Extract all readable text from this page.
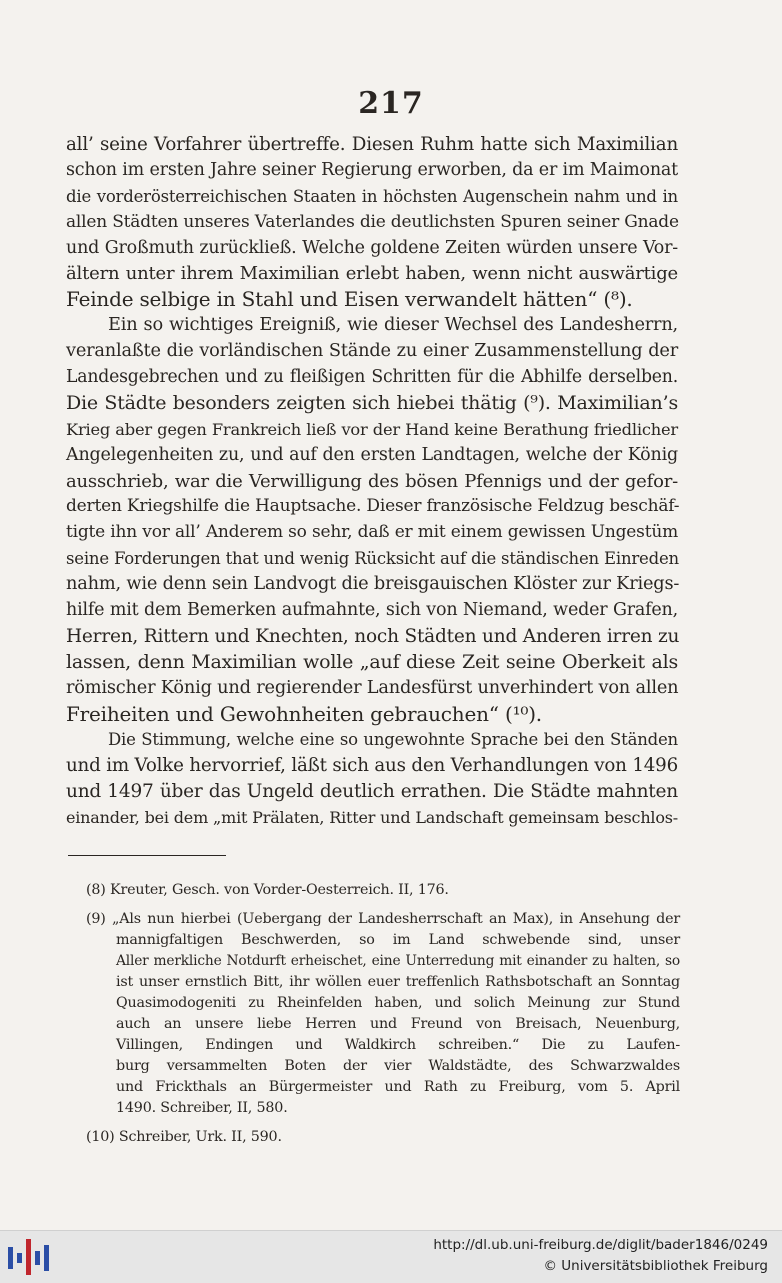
217
all’ seine Vorfahrer übertreffe. Diesen Ruhm hatte sich Maximilian
schon im ersten Jahre seiner Regierung erworben, da er im Maimonat
die vorderösterreichischen Staaten in höchsten Augenschein nahm und in
allen Städten unseres Vaterlandes die deutlichsten Spuren seiner Gnade
und Großmuth zurückließ. Welche goldene Zeiten würden unsere Vor-
ältern unter ihrem Maximilian erlebt haben, wenn nicht auswärtige
Feinde selbige in Stahl und Eisen verwandelt hätten“ (⁸).
Ein so wichtiges Ereigniß, wie dieser Wechsel des Landesherrn,
veranlaßte die vorländischen Stände zu einer Zusammenstellung der
Landesgebrechen und zu fleißigen Schritten für die Abhilfe derselben.
Die Städte besonders zeigten sich hiebei thätig (⁹). Maximilian’s
Krieg aber gegen Frankreich ließ vor der Hand keine Berathung friedlicher
Angelegenheiten zu, und auf den ersten Landtagen, welche der König
ausschrieb, war die Verwilligung des bösen Pfennigs und der gefor-
derten Kriegshilfe die Hauptsache. Dieser französische Feldzug beschäf-
tigte ihn vor all’ Anderem so sehr, daß er mit einem gewissen Ungestüm
seine Forderungen that und wenig Rücksicht auf die ständischen Einreden
nahm, wie denn sein Landvogt die breisgauischen Klöster zur Kriegs-
hilfe mit dem Bemerken aufmahnte, sich von Niemand, weder Grafen,
Herren, Rittern und Knechten, noch Städten und Anderen irren zu
lassen, denn Maximilian wolle „auf diese Zeit seine Oberkeit als
römischer König und regierender Landesfürst unverhindert von allen
Freiheiten und Gewohnheiten gebrauchen“ (¹⁰).
Die Stimmung, welche eine so ungewohnte Sprache bei den Ständen
und im Volke hervorrief, läßt sich aus den Verhandlungen von 1496
und 1497 über das Ungeld deutlich errathen. Die Städte mahnten
einander, bei dem „mit Prälaten, Ritter und Landschaft gemeinsam beschlos-
(8) Kreuter, Gesch. von Vorder-Oesterreich. II, 176.
(9) „Als nun hierbei (Uebergang der Landesherrschaft an Max), in Ansehung der
mannigfaltigen Beschwerden, so im Land schwebende sind, unser
Aller merkliche Notdurft erheischet, eine Unterredung mit einander zu halten, so
ist unser ernstlich Bitt, ihr wöllen euer treffenlich Rathsbotschaft an Sonntag
Quasimodogeniti zu Rheinfelden haben, und solich Meinung zur Stund
auch an unsere liebe Herren und Freund von Breisach, Neuenburg,
Villingen, Endingen und Waldkirch schreiben.“ Die zu Laufen-
burg versammelten Boten der vier Waldstädte, des Schwarzwaldes
und Frickthals an Bürgermeister und Rath zu Freiburg, vom 5. April
1490. Schreiber, II, 580.
(10) Schreiber, Urk. II, 590.
http://dl.ub.uni-freiburg.de/diglit/bader1846/0249
© Universitätsbibliothek Freiburg
